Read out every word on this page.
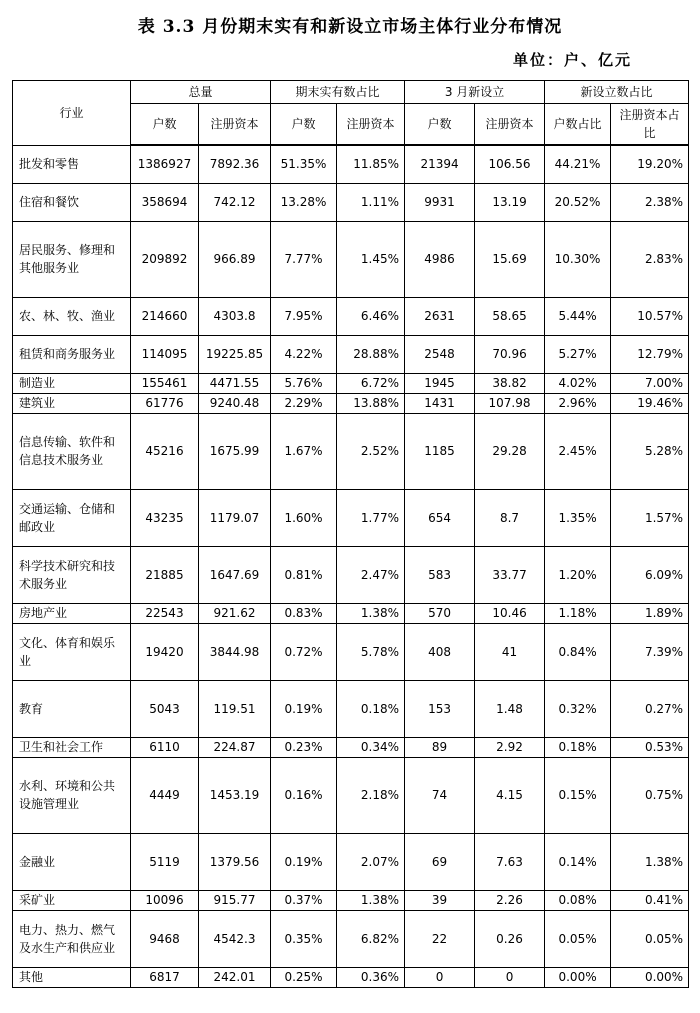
表 3.3 月份期末实有和新设立市场主体行业分布情况
单位：户、亿元
行业	总量		期末实有数占比		3 月新设立		新设立数占比	
	户数	注册资本	户数	注册资本	户数	注册资本	户数占比	注册资本占比
批发和零售	1386927	7892.36	51.35%	11.85%	21394	106.56	44.21%	19.20%
住宿和餐饮	358694	742.12	13.28%	1.11%	9931	13.19	20.52%	2.38%
居民服务、修理和其他服务业	209892	966.89	7.77%	1.45%	4986	15.69	10.30%	2.83%
农、林、牧、渔业	214660	4303.8	7.95%	6.46%	2631	58.65	5.44%	10.57%
租赁和商务服务业	114095	19225.85	4.22%	28.88%	2548	70.96	5.27%	12.79%
制造业	155461	4471.55	5.76%	6.72%	1945	38.82	4.02%	7.00%
建筑业	61776	9240.48	2.29%	13.88%	1431	107.98	2.96%	19.46%
信息传输、软件和信息技术服务业	45216	1675.99	1.67%	2.52%	1185	29.28	2.45%	5.28%
交通运输、仓储和邮政业	43235	1179.07	1.60%	1.77%	654	8.7	1.35%	1.57%
科学技术研究和技术服务业	21885	1647.69	0.81%	2.47%	583	33.77	1.20%	6.09%
房地产业	22543	921.62	0.83%	1.38%	570	10.46	1.18%	1.89%
文化、体育和娱乐业	19420	3844.98	0.72%	5.78%	408	41	0.84%	7.39%
教育	5043	119.51	0.19%	0.18%	153	1.48	0.32%	0.27%
卫生和社会工作	6110	224.87	0.23%	0.34%	89	2.92	0.18%	0.53%
水利、环境和公共设施管理业	4449	1453.19	0.16%	2.18%	74	4.15	0.15%	0.75%
金融业	5119	1379.56	0.19%	2.07%	69	7.63	0.14%	1.38%
采矿业	10096	915.77	0.37%	1.38%	39	2.26	0.08%	0.41%
电力、热力、燃气及水生产和供应业	9468	4542.3	0.35%	6.82%	22	0.26	0.05%	0.05%
其他	6817	242.01	0.25%	0.36%	0	0	0.00%	0.00%
